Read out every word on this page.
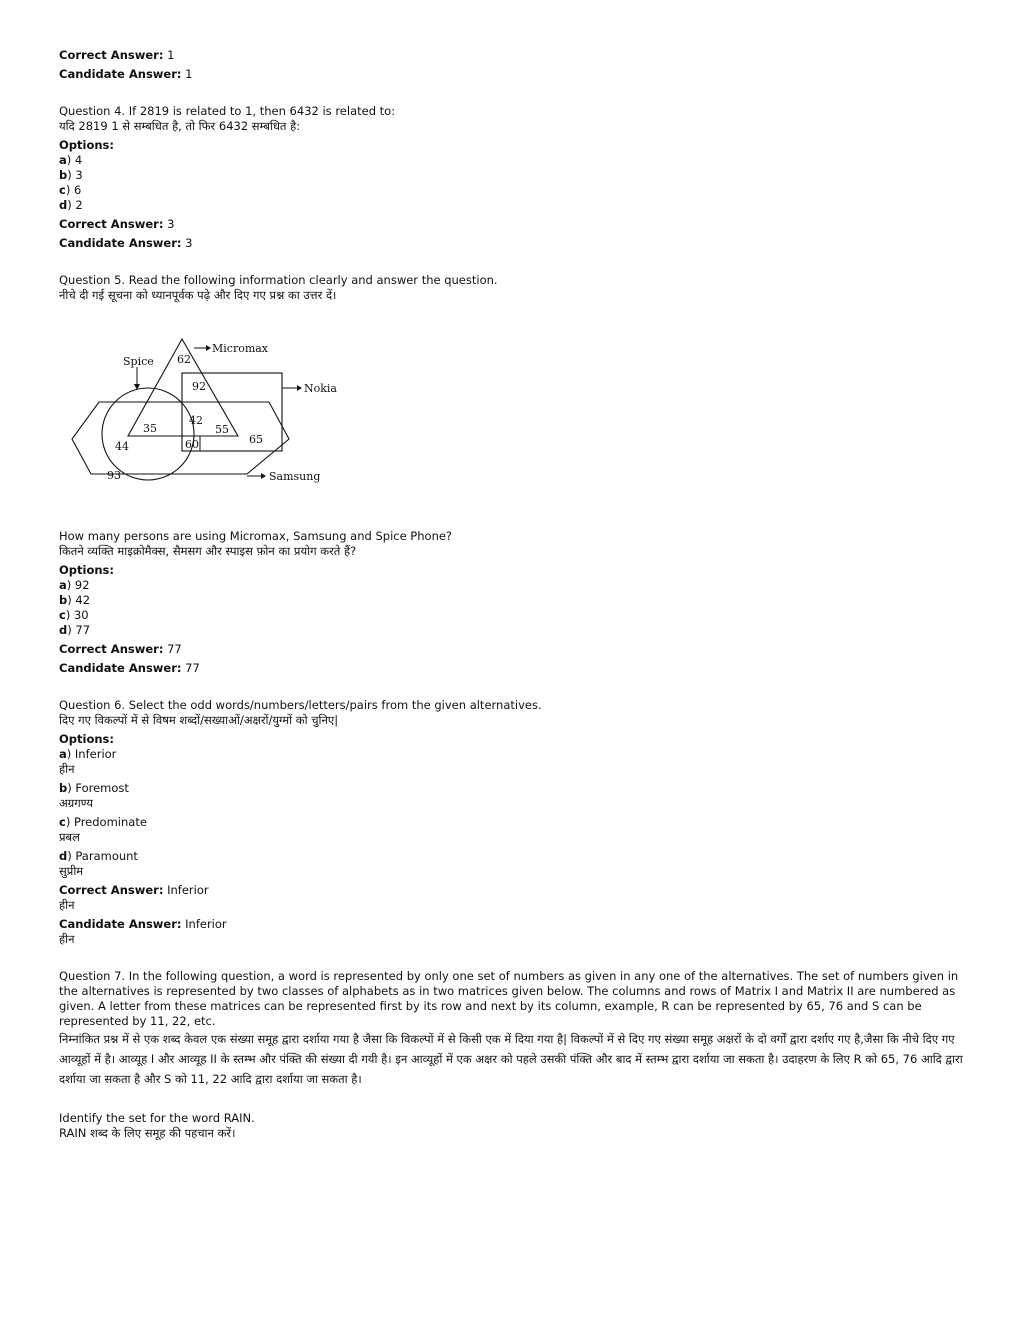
Correct Answer: 1
Candidate Answer: 1
Question 4. If 2819 is related to 1, then 6432 is related to:
यदि 2819 1 से सम्बधित है, तो फिर 6432 सम्बधित है:
Options:
a) 4
b) 3
c) 6
d) 2
Correct Answer: 3
Candidate Answer: 3
Question 5. Read the following information clearly and answer the question.
नीचे दी गई सूचना को ध्यानपूर्वक पढ़े और दिए गए प्रश्न का उत्तर दें।
Micromax
Spice
Nokia
Samsung
62
92
42
35	55
65
44	60
93
How many persons are using Micromax, Samsung and Spice Phone?
कितने व्यक्ति माइक्रोमैक्स, सैमसग और स्पाइस फ़ोन का प्रयोग करते हैं?
Options:
a) 92
b) 42
c) 30
d) 77
Correct Answer: 77
Candidate Answer: 77
Question 6. Select the odd words/numbers/letters/pairs from the given alternatives.
दिए गए विकल्पों में से विषम शब्दों/सख्याओं/अक्षरों/युग्मों को चुनिए|
Options:
a) Inferior
हीन
b) Foremost
अग्रगण्य
c) Predominate
प्रबल
d) Paramount
सुप्रीम
Correct Answer: Inferior
हीन
Candidate Answer: Inferior
हीन
Question 7. In the following question, a word is represented by only one set of numbers as given in any one of the alternatives. The set of numbers given in the alternatives is represented by two classes of alphabets as in two matrices given below. The columns and rows of Matrix I and Matrix II are numbered as given. A letter from these matrices can be represented first by its row and next by its column, example, R can be represented by 65, 76 and S can be represented by 11, 22, etc.
निम्नांकित प्रश्न में से एक शब्द केवल एक संख्या समूह द्वारा दर्शाया गया है जैसा कि विकल्पों में से किसी एक में दिया गया है| विकल्पों में से दिए गए संख्या समूह अक्षरों के दो वर्गों द्वारा दर्शाए गए है,जैसा कि नीचे दिए गए आव्यूहों में है। आव्यूह I और आव्यूह II के स्तम्भ और पंक्ति की संख्या दी गयी है। इन आव्यूहों में एक अक्षर को पहले उसकी पंक्ति और बाद में स्तम्भ द्वारा दर्शाया जा सकता है। उदाहरण के लिए R को 65, 76 आदि द्वारा दर्शाया जा सकता है और S को 11, 22 आदि द्वारा दर्शाया जा सकता है।
Identify the set for the word RAIN.
RAIN शब्द के लिए समूह की पहचान करें।
